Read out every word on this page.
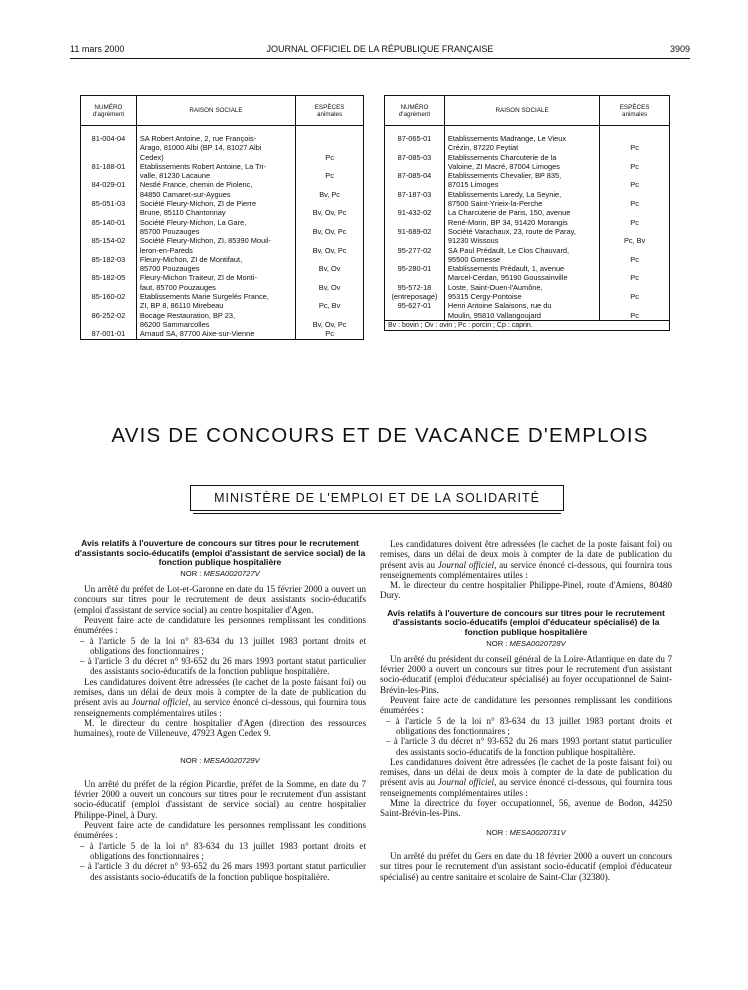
11 mars 2000	JOURNAL OFFICIEL DE LA RÉPUBLIQUE FRANÇAISE	3909
NUMÉRO
d'agrément	RAISON SOCIALE	ESPÈCES
animales

81-004-04	SA Robert Antoine, 2, rue François-
Arago, 81000 Albi (BP 14, 81027 Albi
Cedex)	Pc
81-188-01	Etablissements Robert Antoine, La Tri-
valle, 81230 Lacaune	Pc
84-029-01	Nestlé France, chemin de Piolenc,
84850 Camaret-sur-Aygues	Bv, Pc
85-051-03	Société Fleury-Michon, ZI de Pierre
Brune, 85110 Chantonnay	Bv, Ov, Pc
85-140-01	Société Fleury-Michon, La Gare,
85700 Pouzauges	Bv, Ov, Pc
85-154-02	Société Fleury-Michon, ZI, 85390 Mouil-
leron-en-Pareds	Bv, Ov, Pc
85-182-03	Fleury-Michon, ZI de Montifaut,
85700 Pouzauges	Bv, Ov
85-182-05	Fleury-Michon Traiteur, ZI de Monti-
faut, 85700 Pouzauges	Bv, Ov
85-160-02	Etablissements Marie Surgelés France,
ZI, BP 8, 86110 Mirebeau	Pc, Bv
86-252-02	Bocage Restauration, BP 23,
86200 Sammarcolles	Bv, Ov, Pc
87-001-01	Arnaud SA, 87700 Aixe-sur-Vienne	Pc
NUMÉRO
d'agrément	RAISON SOCIALE	ESPÈCES
animales

87-065-01	Etablissements Madrange, Le Vieux
Crézin, 87220 Feytiat	Pc
87-085-03	Etablissements Charcuterie de la
Valoine, ZI Macré, 87004 Limoges	Pc
87-085-04	Etablissements Chevalier, BP 835,
87015 Limoges	Pc
87-187-03	Etablissements Laredy, La Seynie,
87500 Saint-Yrieix-la-Perche	Pc
91-432-02	La Charcuterie de Paris, 150, avenue
René-Morin, BP 34, 91420 Morangis	Pc
91-689-02	Société Varachaux, 23, route de Paray,
91230 Wissous	Pc, Bv
95-277-02	SA Paul Prédault, Le Clos Chauvard,
95500 Gonesse	Pc
95-280-01	Etablissements Prédault, 1, avenue
Marcel-Cerdan, 95190 Goussainville	Pc
95-572-18
(entreposage)	Loste, Saint-Ouen-l'Aumône,
95315 Cergy-Pontoise	Pc
95-627-01	Henri Antoine Salaisons, rue du
Moulin, 95810 Vallangoujard	Pc
Bv : bovin ; Ov : ovin ; Pc : porcin ; Cp : caprin.		
AVIS DE CONCOURS ET DE VACANCE D'EMPLOIS
MINISTÈRE DE L'EMPLOI ET DE LA SOLIDARITÉ
Avis relatifs à l'ouverture de concours sur titres pour le recrutement d'assistants socio-éducatifs (emploi d'assistant de service social) de la fonction publique hospitalière
NOR : MESA0020727V

Un arrêté du préfet de Lot-et-Garonne en date du 15 février 2000 a ouvert un concours sur titres pour le recrutement de deux assistants socio-éducatifs (emploi d'assistant de service social) au centre hospitalier d'Agen.

Peuvent faire acte de candidature les personnes remplissant les conditions énumérées :

– à l'article 5 de la loi n° 83-634 du 13 juillet 1983 portant droits et obligations des fonctionnaires ;
– à l'article 3 du décret n° 93-652 du 26 mars 1993 portant statut particulier des assistants socio-éducatifs de la fonction publique hospitalière.

Les candidatures doivent être adressées (le cachet de la poste faisant foi) ou remises, dans un délai de deux mois à compter de la date de publication du présent avis au Journal officiel, au service énoncé ci-dessous, qui fournira tous renseignements complémentaires utiles :

M. le directeur du centre hospitalier d'Agen (direction des ressources humaines), route de Villeneuve, 47923 Agen Cedex 9.

NOR : MESA0020729V

Un arrêté du préfet de la région Picardie, préfet de la Somme, en date du 7 février 2000 a ouvert un concours sur titres pour le recrutement d'un assistant socio-éducatif (emploi d'assistant de service social) au centre hospitalier Philippe-Pinel, à Dury.

Peuvent faire acte de candidature les personnes remplissant les conditions énumérées :

– à l'article 5 de la loi n° 83-634 du 13 juillet 1983 portant droits et obligations des fonctionnaires ;
– à l'article 3 du décret n° 93-652 du 26 mars 1993 portant statut particulier des assistants socio-éducatifs de la fonction publique hospitalière.

Les candidatures doivent être adressées (le cachet de la poste faisant foi) ou remises, dans un délai de deux mois à compter de la date de publication du présent avis au Journal officiel, au service énoncé ci-dessous, qui fournira tous renseignements complémentaires utiles :

M. le directeur du centre hospitalier Philippe-Pinel, route d'Amiens, 80480 Dury.

Avis relatifs à l'ouverture de concours sur titres pour le recrutement d'assistants socio-éducatifs (emploi d'éducateur spécialisé) de la fonction publique hospitalière
NOR : MESA0020728V

Un arrêté du président du conseil général de la Loire-Atlantique en date du 7 février 2000 a ouvert un concours sur titres pour le recrutement d'un assistant socio-éducatif (emploi d'éducateur spécialisé) au foyer occupationnel de Saint-Brévin-les-Pins.

Peuvent faire acte de candidature les personnes remplissant les conditions énumérées :

– à l'article 5 de la loi n° 83-634 du 13 juillet 1983 portant droits et obligations des fonctionnaires ;
– à l'article 3 du décret n° 93-652 du 26 mars 1993 portant statut particulier des assistants socio-éducatifs de la fonction publique hospitalière.

Les candidatures doivent être adressées (le cachet de la poste faisant foi) ou remises, dans un délai de deux mois à compter de la date de publication du présent avis au Journal officiel, au service énoncé ci-dessous, qui fournira tous renseignements complémentaires utiles :

Mme la directrice du foyer occupationnel, 56, avenue de Bodon, 44250 Saint-Brévin-les-Pins.

NOR : MESA0020731V

Un arrêté du préfet du Gers en date du 18 février 2000 a ouvert un concours sur titres pour le recrutement d'un assistant socio-éducatif (emploi d'éducateur spécialisé) au centre sanitaire et scolaire de Saint-Clar (32380).
